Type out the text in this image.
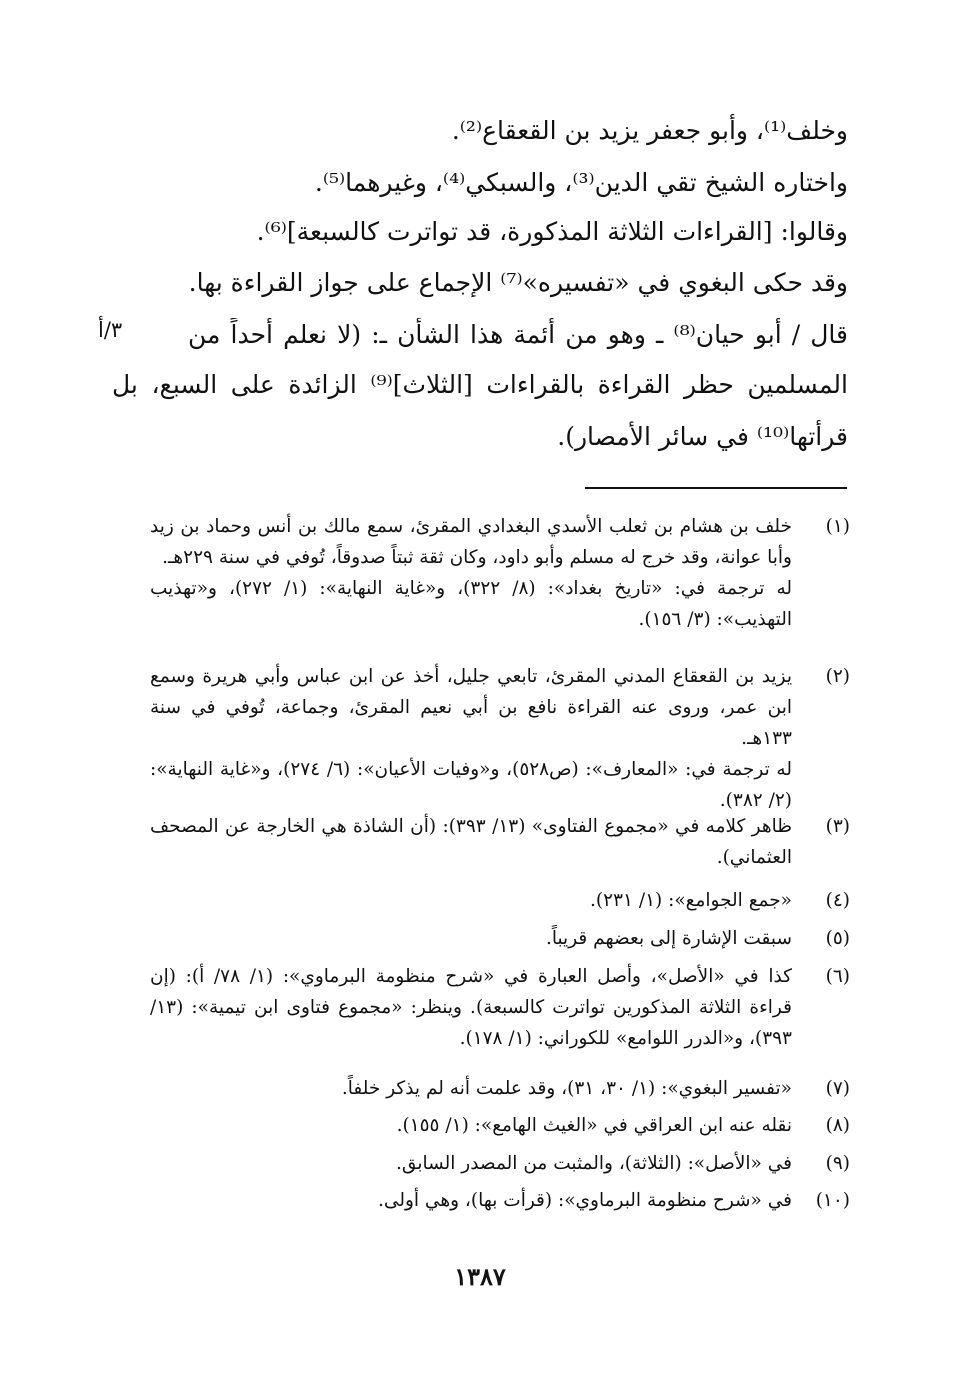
وخلف⁽¹⁾، وأبو جعفر يزيد بن القعقاع⁽²⁾.
واختاره الشيخ تقي الدين⁽³⁾، والسبكي⁽⁴⁾، وغيرهما⁽⁵⁾.
وقالوا: [القراءات الثلاثة المذكورة، قد تواترت كالسبعة]⁽⁶⁾.
وقد حكى البغوي في «تفسيره»⁽⁷⁾ الإجماع على جواز القراءة بها.
قال / أبو حيان⁽⁸⁾ ـ وهو من أئمة هذا الشأن ـ: (لا نعلم أحداً من
المسلمين حظر القراءة بالقراءات [الثلاث]⁽⁹⁾ الزائدة على السبع، بل
قرأتها⁽¹⁰⁾ في سائر الأمصار).
٣/أ
(١)
خلف بن هشام بن ثعلب الأسدي البغدادي المقرئ، سمع مالك بن أنس وحماد بن زيد وأبا عوانة، وقد خرج له مسلم وأبو داود، وكان ثقة ثبتاً صدوقاً، تُوفي في سنة ٢٢٩هـ.
له ترجمة في: «تاريخ بغداد»: (٨/ ٣٢٢)، و«غاية النهاية»: (١/ ٢٧٢)، و«تهذيب التهذيب»: (٣/ ١٥٦).
(٢)
يزيد بن القعقاع المدني المقرئ، تابعي جليل، أخذ عن ابن عباس وأبي هريرة وسمع ابن عمر، وروى عنه القراءة نافع بن أبي نعيم المقرئ، وجماعة، تُوفي في سنة ١٣٣هـ.
له ترجمة في: «المعارف»: (ص٥٢٨)، و«وفيات الأعيان»: (٦/ ٢٧٤)، و«غاية النهاية»: (٢/ ٣٨٢).
(٣)
ظاهر كلامه في «مجموع الفتاوى» (١٣/ ٣٩٣): (أن الشاذة هي الخارجة عن المصحف العثماني).
(٤)
«جمع الجوامع»: (١/ ٢٣١).
(٥)
سبقت الإشارة إلى بعضهم قريباً.
(٦)
كذا في «الأصل»، وأصل العبارة في «شرح منظومة البرماوي»: (١/ ٧٨/ أ): (إن قراءة الثلاثة المذكورين تواترت كالسبعة). وينظر: «مجموع فتاوى ابن تيمية»: (١٣/ ٣٩٣)، و«الدرر اللوامع» للكوراني: (١/ ١٧٨).
(٧)
«تفسير البغوي»: (١/ ٣٠، ٣١)، وقد علمت أنه لم يذكر خلفاً.
(٨)
نقله عنه ابن العراقي في «الغيث الهامع»: (١/ ١٥٥).
(٩)
في «الأصل»: (الثلاثة)، والمثبت من المصدر السابق.
(١٠)
في «شرح منظومة البرماوي»: (قرأت بها)، وهي أولى.
١٣٨٧
